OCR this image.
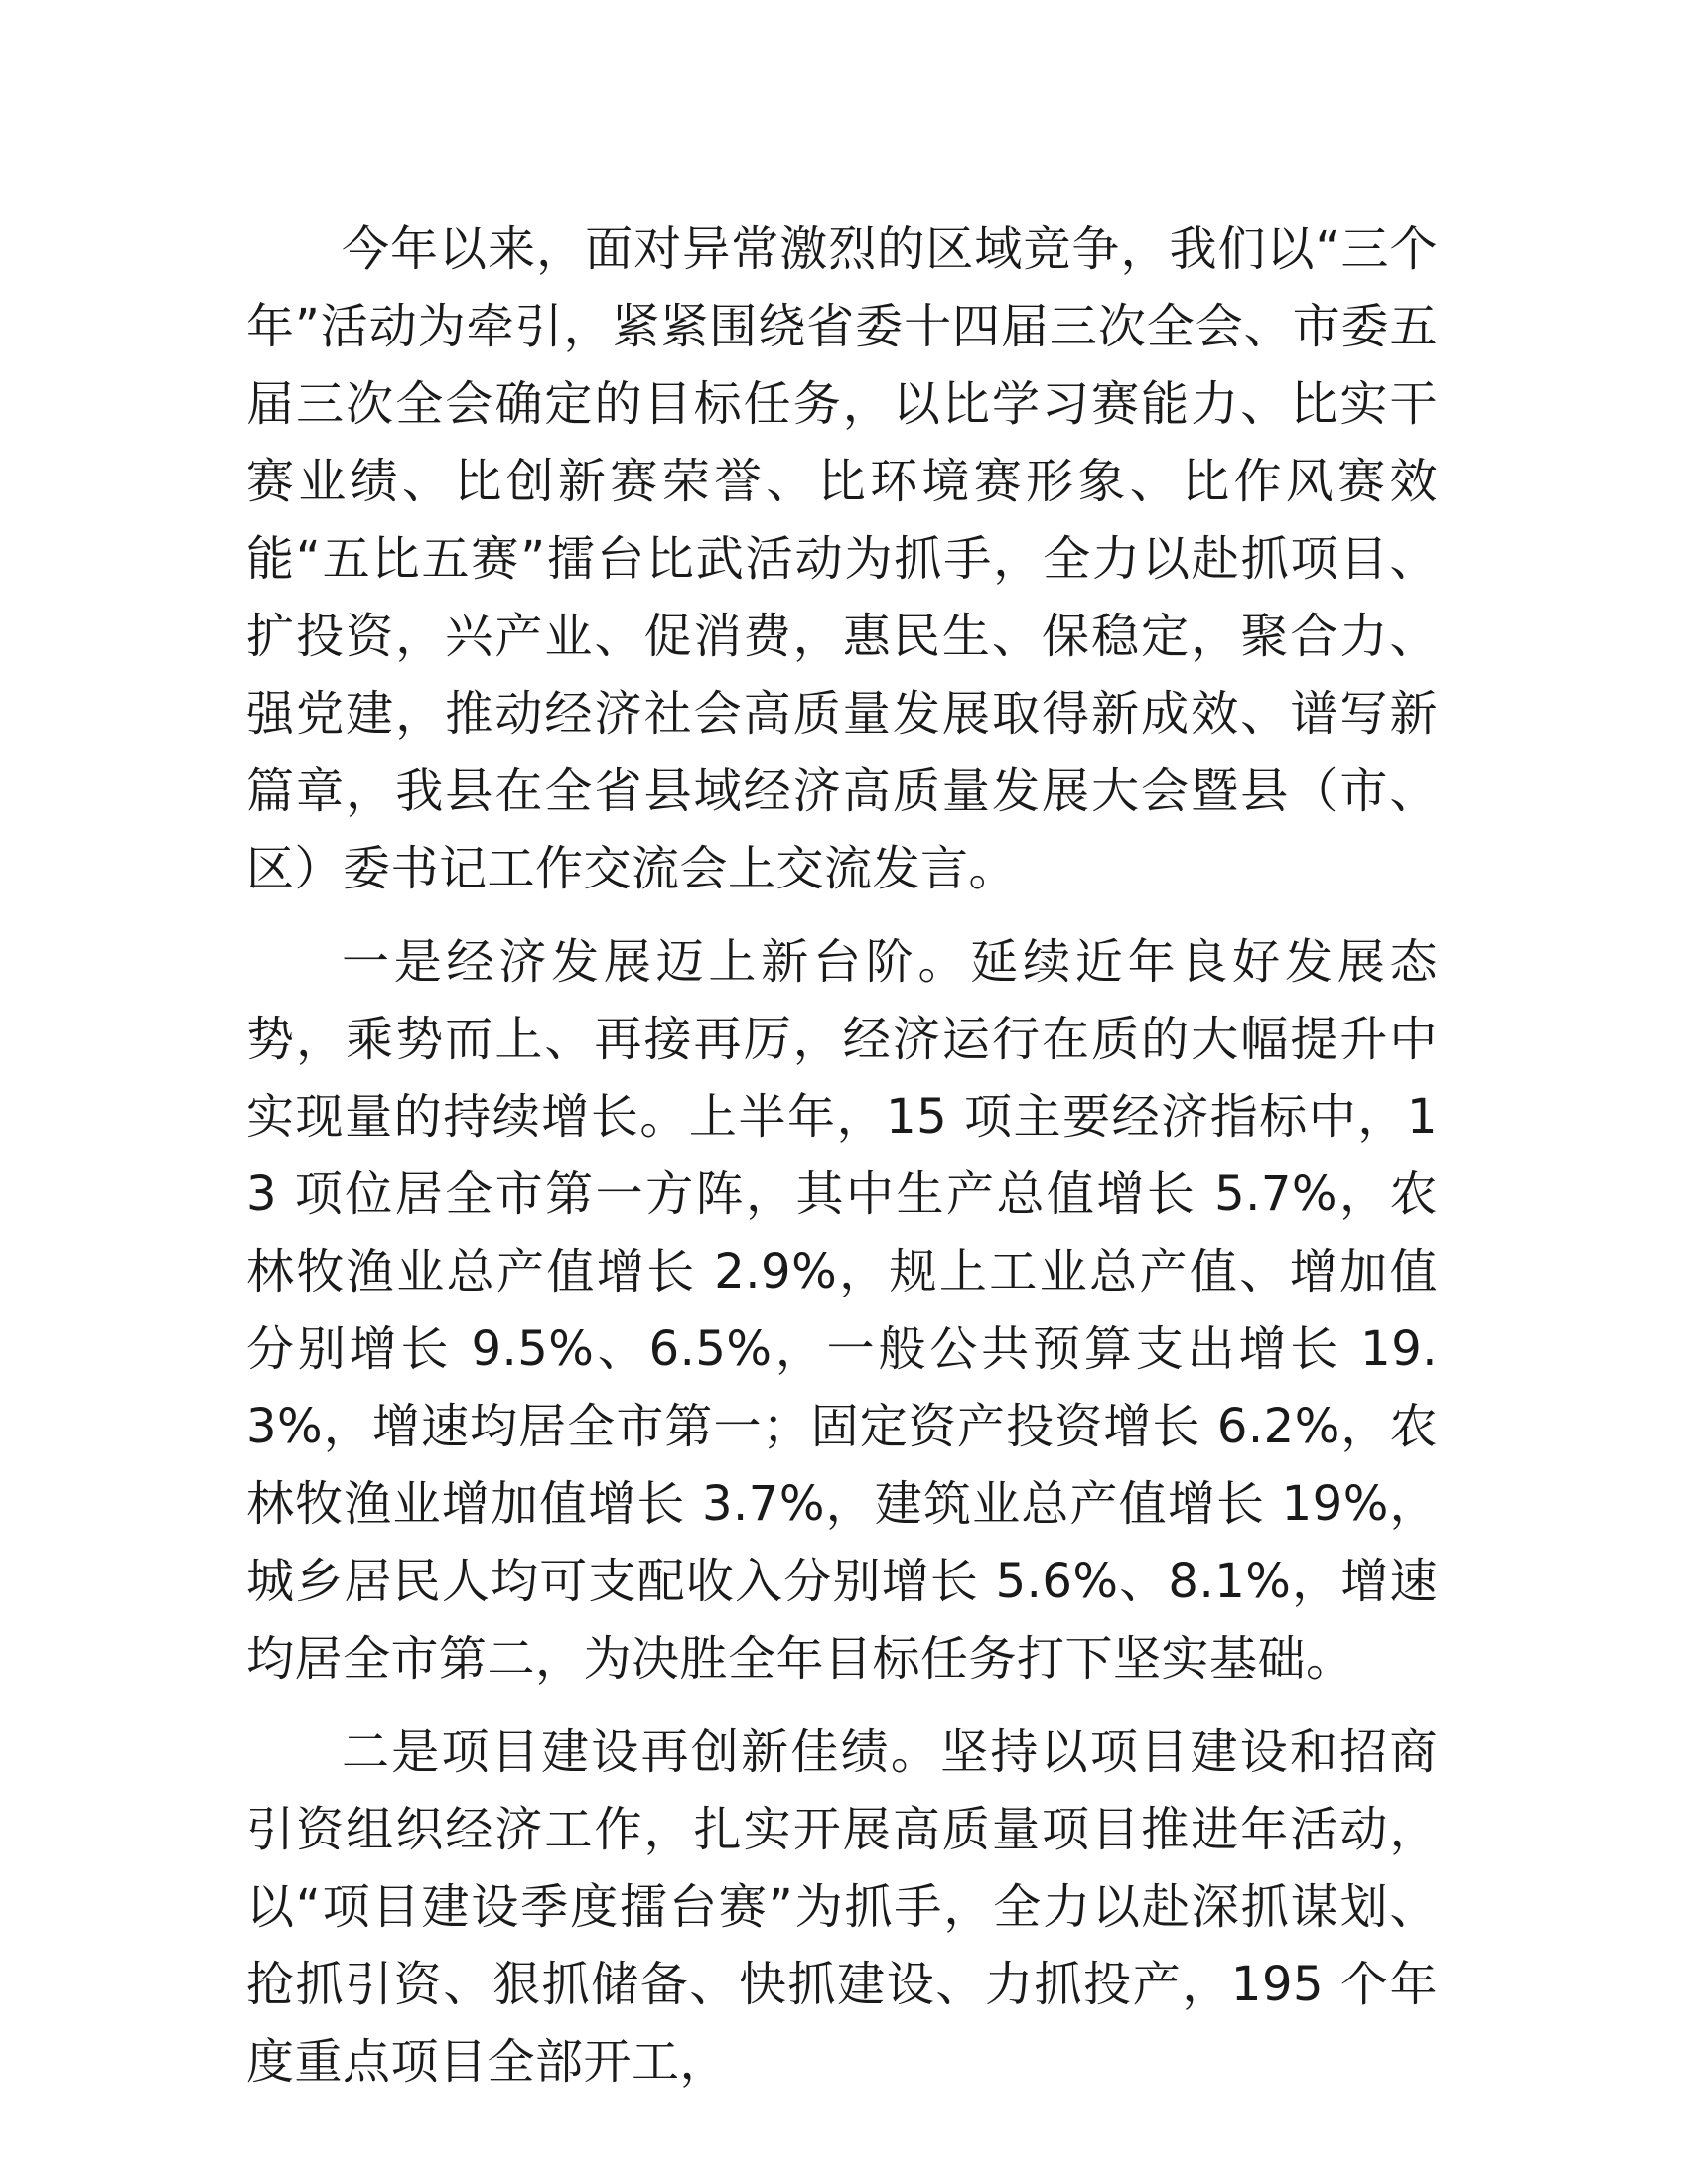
今年以来，面对异常激烈的区域竞争，我们以“三个年”活动为牵引，紧紧围绕省委十四届三次全会、市委五届三次全会确定的目标任务，以比学习赛能力、比实干赛业绩、比创新赛荣誉、比环境赛形象、比作风赛效能“五比五赛”擂台比武活动为抓手，全力以赴抓项目、扩投资，兴产业、促消费，惠民生、保稳定，聚合力、强党建，推动经济社会高质量发展取得新成效、谱写新篇章，我县在全省县域经济高质量发展大会暨县（市、区）委书记工作交流会上交流发言。

一是经济发展迈上新台阶。延续近年良好发展态势，乘势而上、再接再厉，经济运行在质的大幅提升中实现量的持续增长。上半年，15 项主要经济指标中，13 项位居全市第一方阵，其中生产总值增长 5.7%，农林牧渔业总产值增长 2.9%，规上工业总产值、增加值分别增长 9.5%、6.5%，一般公共预算支出增长 19.3%，增速均居全市第一；固定资产投资增长 6.2%，农林牧渔业增加值增长 3.7%，建筑业总产值增长 19%，城乡居民人均可支配收入分别增长 5.6%、8.1%，增速均居全市第二，为决胜全年目标任务打下坚实基础。

二是项目建设再创新佳绩。坚持以项目建设和招商引资组织经济工作，扎实开展高质量项目推进年活动，以“项目建设季度擂台赛”为抓手，全力以赴深抓谋划、抢抓引资、狠抓储备、快抓建设、力抓投产，195 个年度重点项目全部开工，
